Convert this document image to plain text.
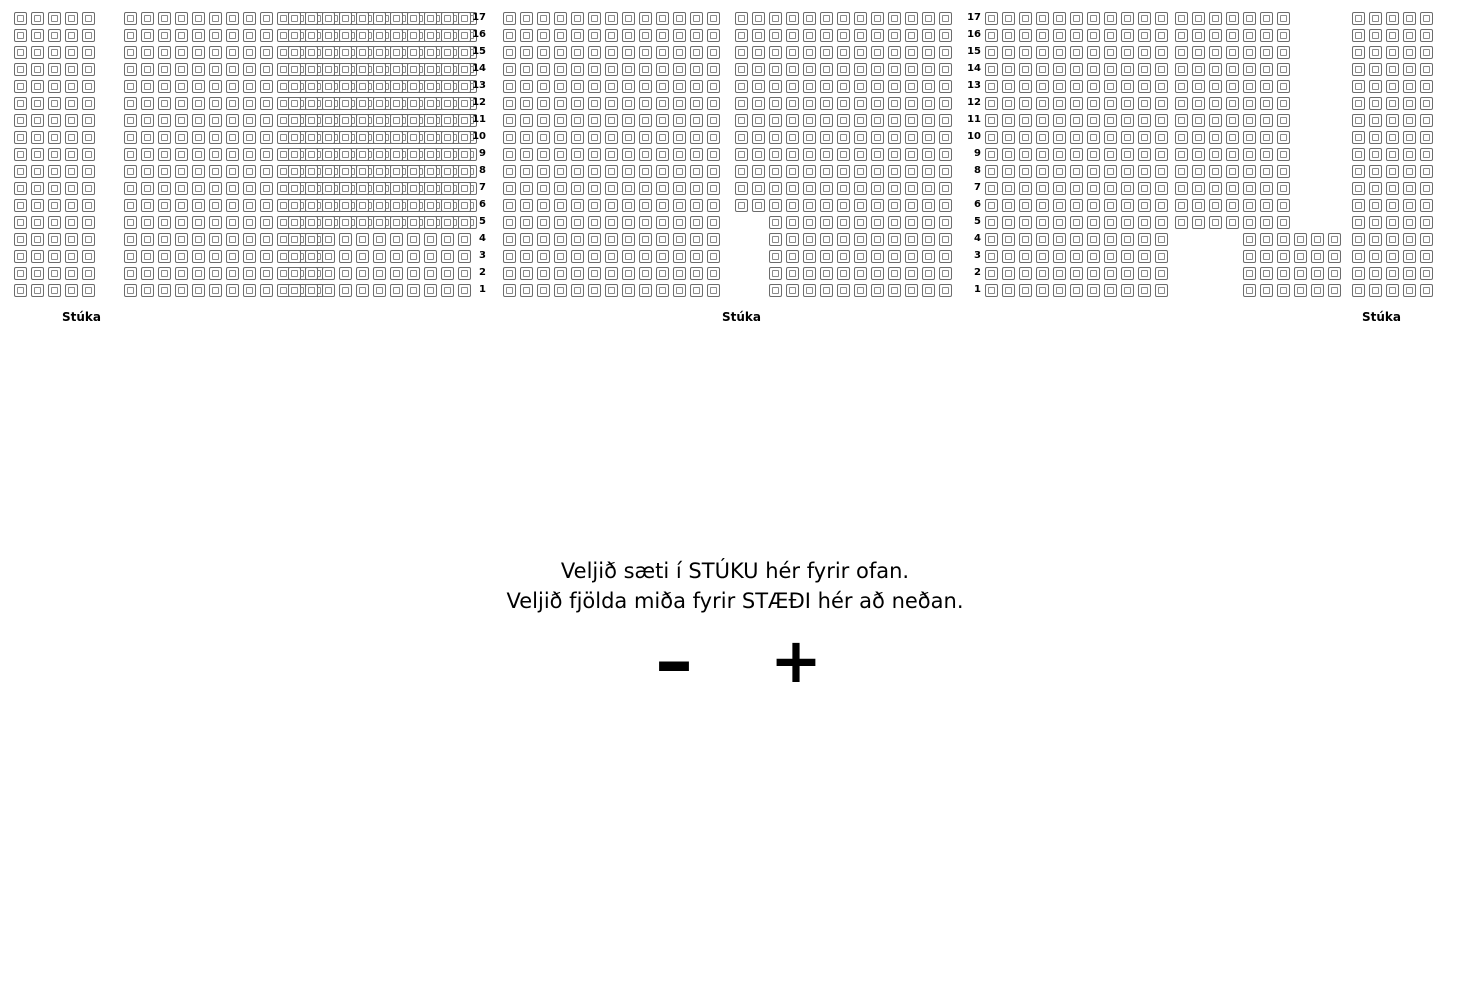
17
16
15
14
13
12
11
10
9
8
7
6
5
4
3
2
1
17
16
15
14
13
12
11
10
9
8
7
6
5
4
3
2
1
Stúka	Stúka	Stúka
Veljið sæti í STÚKU hér fyrir ofan.
Veljið fjölda miða fyrir STÆÐI hér að neðan.
– +
